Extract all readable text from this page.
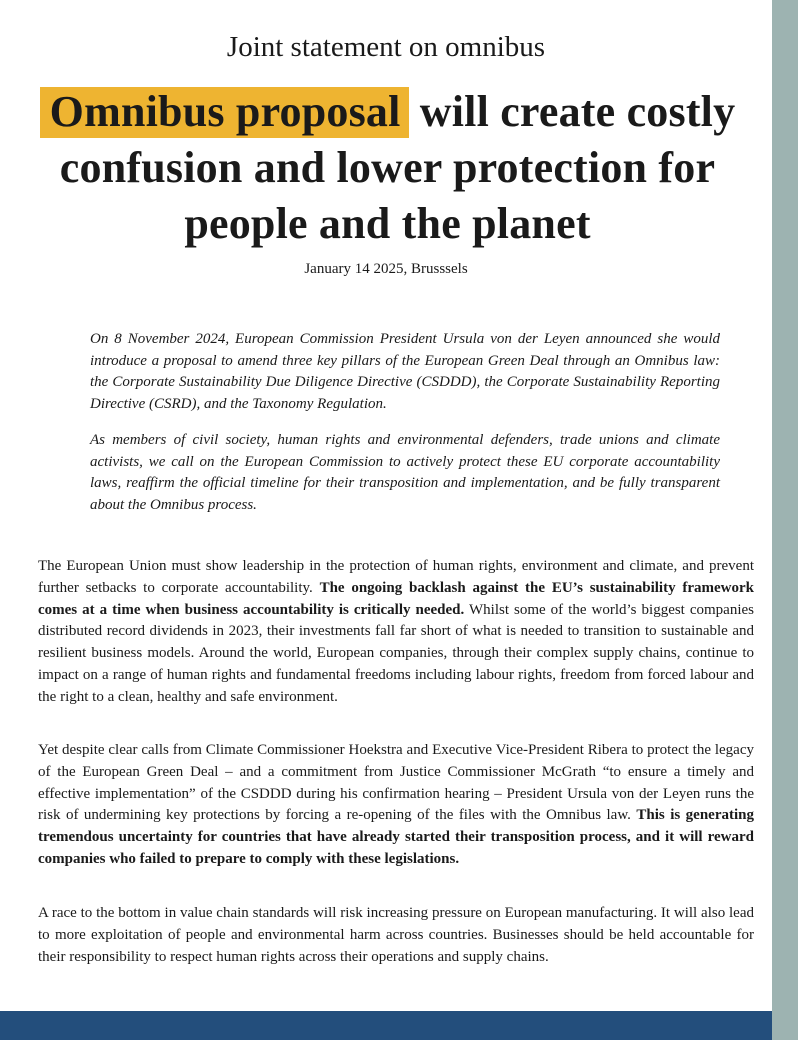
Joint statement on omnibus
Omnibus proposal will create costly confusion and lower protection for people and the planet
January 14 2025, Brusssels

On 8 November 2024, European Commission President Ursula von der Leyen announced she would introduce a proposal to amend three key pillars of the European Green Deal through an Omnibus law: the Corporate Sustainability Due Diligence Directive (CSDDD), the Corporate Sustainability Reporting Directive (CSRD), and the Taxonomy Regulation.

As members of civil society, human rights and environmental defenders, trade unions and climate activists, we call on the European Commission to actively protect these EU corporate accountability laws, reaffirm the official timeline for their transposition and implementation, and be fully transparent about the Omnibus process.

The European Union must show leadership in the protection of human rights, environment and climate, and prevent further setbacks to corporate accountability. The ongoing backlash against the EU’s sustainability framework comes at a time when business accountability is critically needed. Whilst some of the world’s biggest companies distributed record dividends in 2023, their investments fall far short of what is needed to transition to sustainable and resilient business models. Around the world, European companies, through their complex supply chains, continue to impact on a range of human rights and fundamental freedoms including labour rights, freedom from forced labour and the right to a clean, healthy and safe environment.

Yet despite clear calls from Climate Commissioner Hoekstra and Executive Vice-President Ribera to protect the legacy of the European Green Deal – and a commitment from Justice Commissioner McGrath “to ensure a timely and effective implementation” of the CSDDD during his confirmation hearing – President Ursula von der Leyen runs the risk of undermining key protections by forcing a re-opening of the files with the Omnibus law. This is generating tremendous uncertainty for countries that have already started their transposition process, and it will reward companies who failed to prepare to comply with these legislations.

A race to the bottom in value chain standards will risk increasing pressure on European manufacturing. It will also lead to more exploitation of people and environmental harm across countries. Businesses should be held accountable for their responsibility to respect human rights across their operations and supply chains.
